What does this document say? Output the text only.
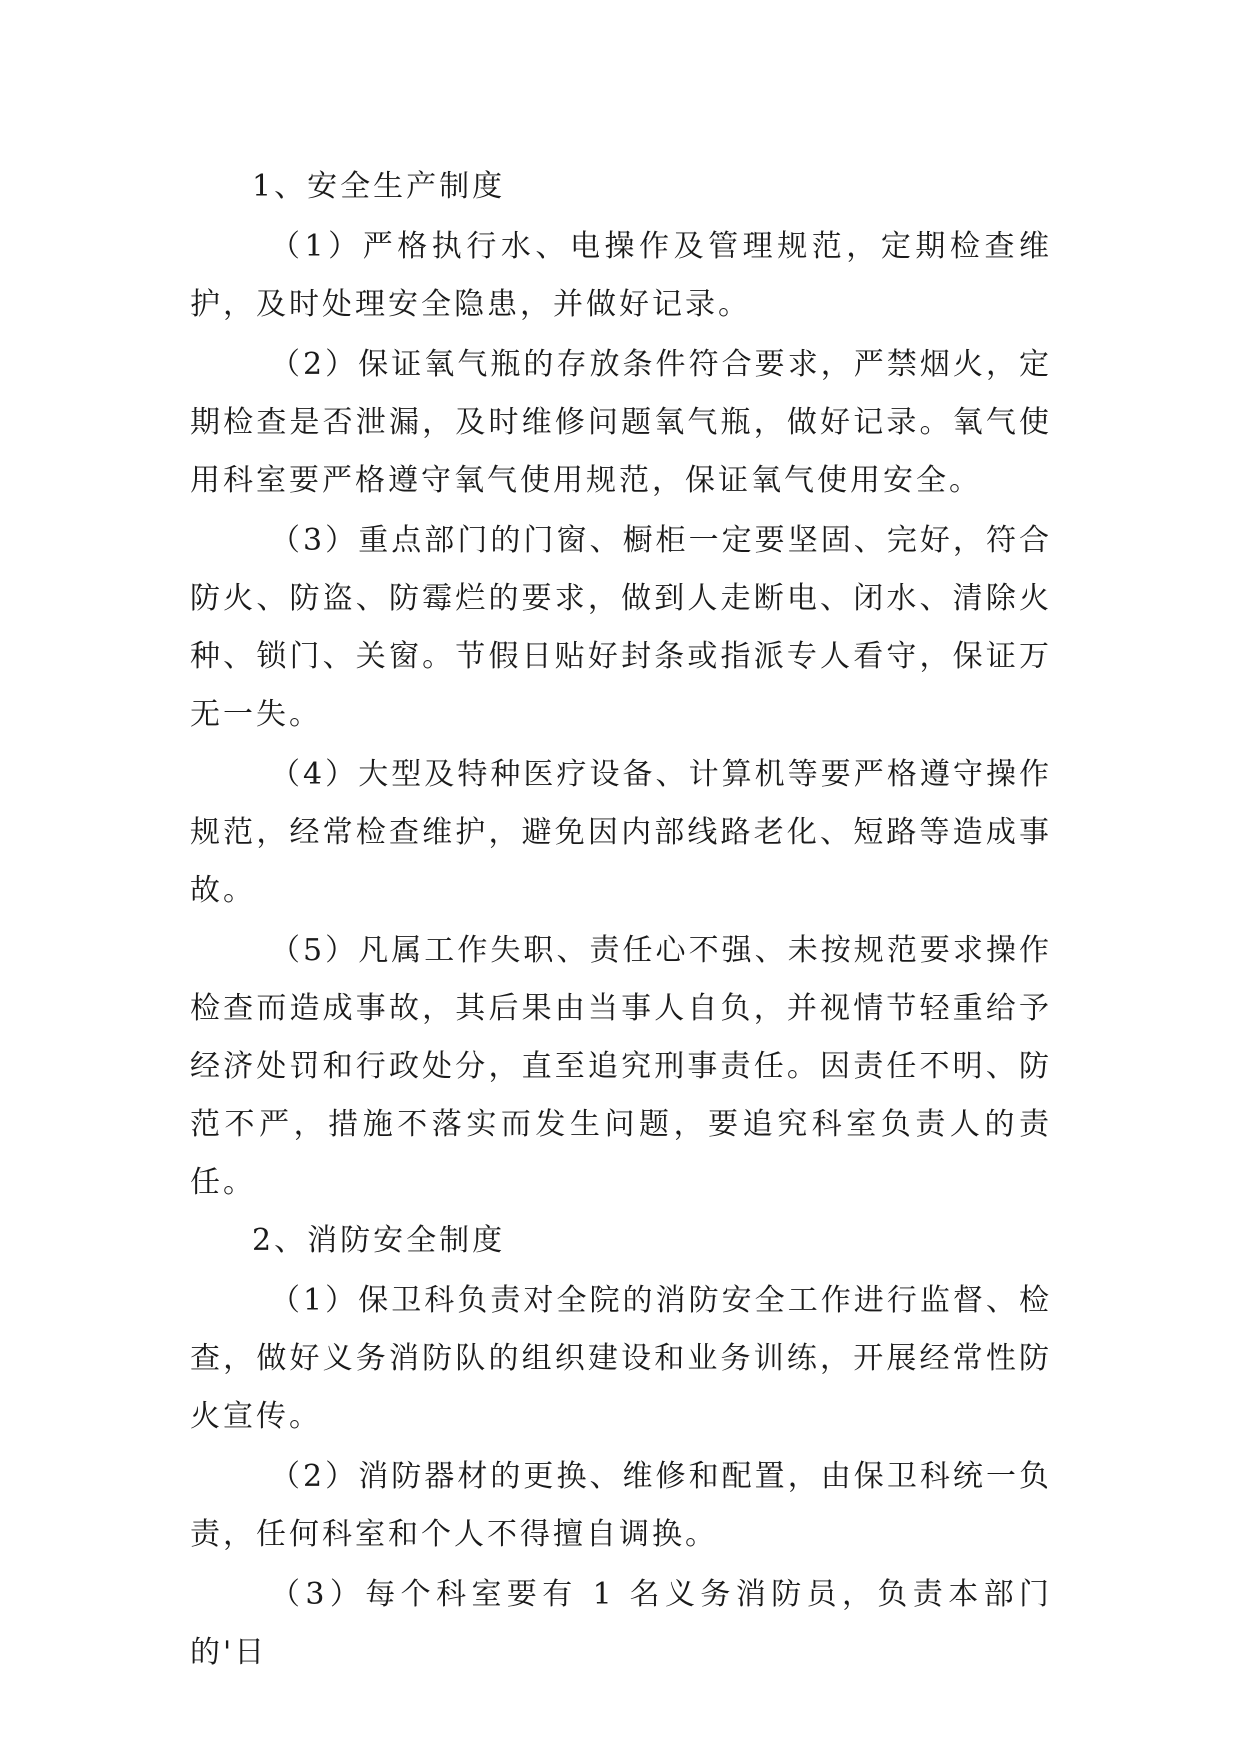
1、安全生产制度

（1）严格执行水、电操作及管理规范，定期检查维护，及时处理安全隐患，并做好记录。

（2）保证氧气瓶的存放条件符合要求，严禁烟火，定期检查是否泄漏，及时维修问题氧气瓶，做好记录。氧气使用科室要严格遵守氧气使用规范，保证氧气使用安全。

（3）重点部门的门窗、橱柜一定要坚固、完好，符合防火、防盗、防霉烂的要求，做到人走断电、闭水、清除火种、锁门、关窗。节假日贴好封条或指派专人看守，保证万无一失。

（4）大型及特种医疗设备、计算机等要严格遵守操作规范，经常检查维护，避免因内部线路老化、短路等造成事故。

（5）凡属工作失职、责任心不强、未按规范要求操作检查而造成事故，其后果由当事人自负，并视情节轻重给予经济处罚和行政处分，直至追究刑事责任。因责任不明、防范不严，措施不落实而发生问题，要追究科室负责人的责任。

2、消防安全制度

（1）保卫科负责对全院的消防安全工作进行监督、检查，做好义务消防队的组织建设和业务训练，开展经常性防火宣传。

（2）消防器材的更换、维修和配置，由保卫科统一负责，任何科室和个人不得擅自调换。

（3）每个科室要有 1 名义务消防员，负责本部门的'日
